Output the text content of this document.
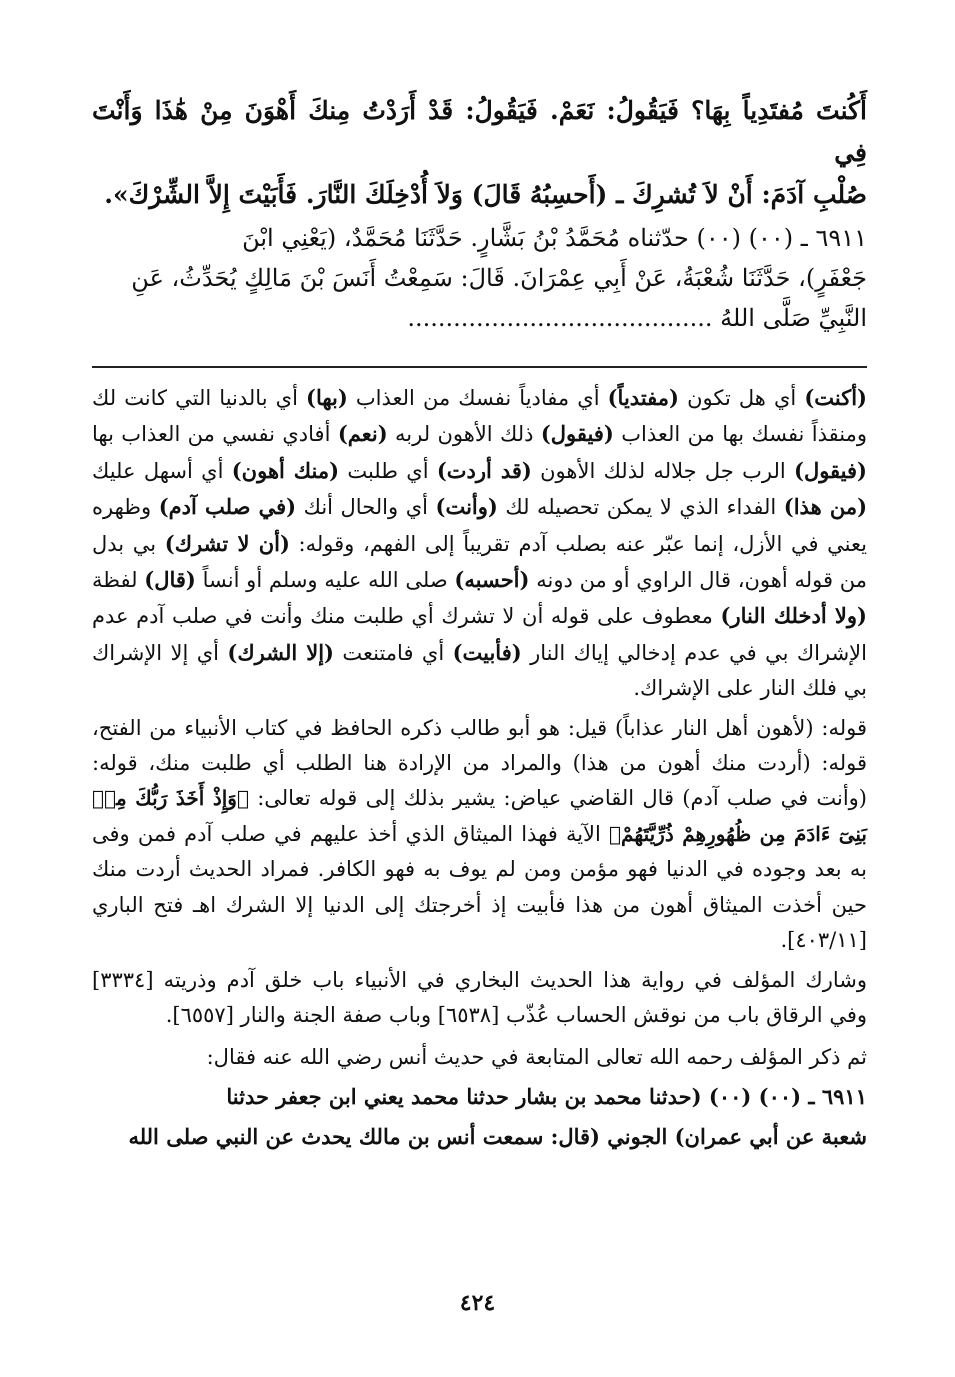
أَكُنتَ مُفتَدِياً بِهَا؟ فَيَقُولُ: نَعَمْ. فَيَقُولُ: قَدْ أَرَدْتُ مِنكَ أَهْوَنَ مِنْ هَٰذَا وَأَنْتَ فِي

صُلْبِ آدَمَ: أَنْ لاَ تُشرِكَ ـ (أَحسِبُهُ قَالَ) وَلاَ أُدْخِلَكَ النَّارَ. فَأَبَيْتَ إِلاَّ الشِّرْكَ».

٦٩١١ ـ (٠٠) (٠٠) حدّثناه مُحَمَّدُ بْنُ بَشَّارٍ. حَدَّثَنَا مُحَمَّدٌ، (يَعْنِي ابْنَ

جَعْفَرٍ)، حَدَّثَنَا شُعْبَةُ، عَنْ أَبِي عِمْرَانَ. قَالَ: سَمِعْتُ أَنَسَ بْنَ مَالِكٍ يُحَدِّثُ، عَنِ

النَّبِيِّ صَلَّى اللهُ ........................................

(أكنت) أي هل تكون (مفتدياً) أي مفادياً نفسك من العذاب (بها) أي بالدنيا التي كانت لك ومنقذاً نفسك بها من العذاب (فيقول) ذلك الأهون لربه (نعم) أفادي نفسي من العذاب بها (فيقول) الرب جل جلاله لذلك الأهون (قد أردت) أي طلبت (منك أهون) أي أسهل عليك (من هذا) الفداء الذي لا يمكن تحصيله لك (وأنت) أي والحال أنك (في صلب آدم) وظهره يعني في الأزل، إنما عبّر عنه بصلب آدم تقريباً إلى الفهم، وقوله: (أن لا تشرك) بي بدل من قوله أهون، قال الراوي أو من دونه (أحسبه) صلى الله عليه وسلم أو أنساً (قال) لفظة (ولا أدخلك النار) معطوف على قوله أن لا تشرك أي طلبت منك وأنت في صلب آدم عدم الإشراك بي في عدم إدخالي إياك النار (فأبيت) أي فامتنعت (إلا الشرك) أي إلا الإشراك بي فلك النار على الإشراك.

قوله: (لأهون أهل النار عذاباً) قيل: هو أبو طالب ذكره الحافظ في كتاب الأنبياء من الفتح، قوله: (أردت منك أهون من هذا) والمراد من الإرادة هنا الطلب أي طلبت منك، قوله: (وأنت في صلب آدم) قال القاضي عياض: يشير بذلك إلى قوله تعالى: ﴿وَإِذْ أَخَذَ رَبُّكَ مِنۢ بَنِىٓ ءَادَمَ مِن ظُهُورِهِمْ ذُرِّيَّتَهُمْ﴾ الآية فهذا الميثاق الذي أخذ عليهم في صلب آدم فمن وفى به بعد وجوده في الدنيا فهو مؤمن ومن لم يوف به فهو الكافر. فمراد الحديث أردت منك حين أخذت الميثاق أهون من هذا فأبيت إذ أخرجتك إلى الدنيا إلا الشرك اهـ فتح الباري [٤٠٣/١١].

وشارك المؤلف في رواية هذا الحديث البخاري في الأنبياء باب خلق آدم وذريته [٣٣٣٤] وفي الرقاق باب من نوقش الحساب عُذّب [٦٥٣٨] وباب صفة الجنة والنار [٦٥٥٧].

ثم ذكر المؤلف رحمه الله تعالى المتابعة في حديث أنس رضي الله عنه فقال:

٦٩١١ ـ (٠٠) (٠٠) (حدثنا محمد بن بشار حدثنا محمد يعني ابن جعفر حدثنا

شعبة عن أبي عمران) الجوني (قال: سمعت أنس بن مالك يحدث عن النبي صلى الله

٤٢٤
